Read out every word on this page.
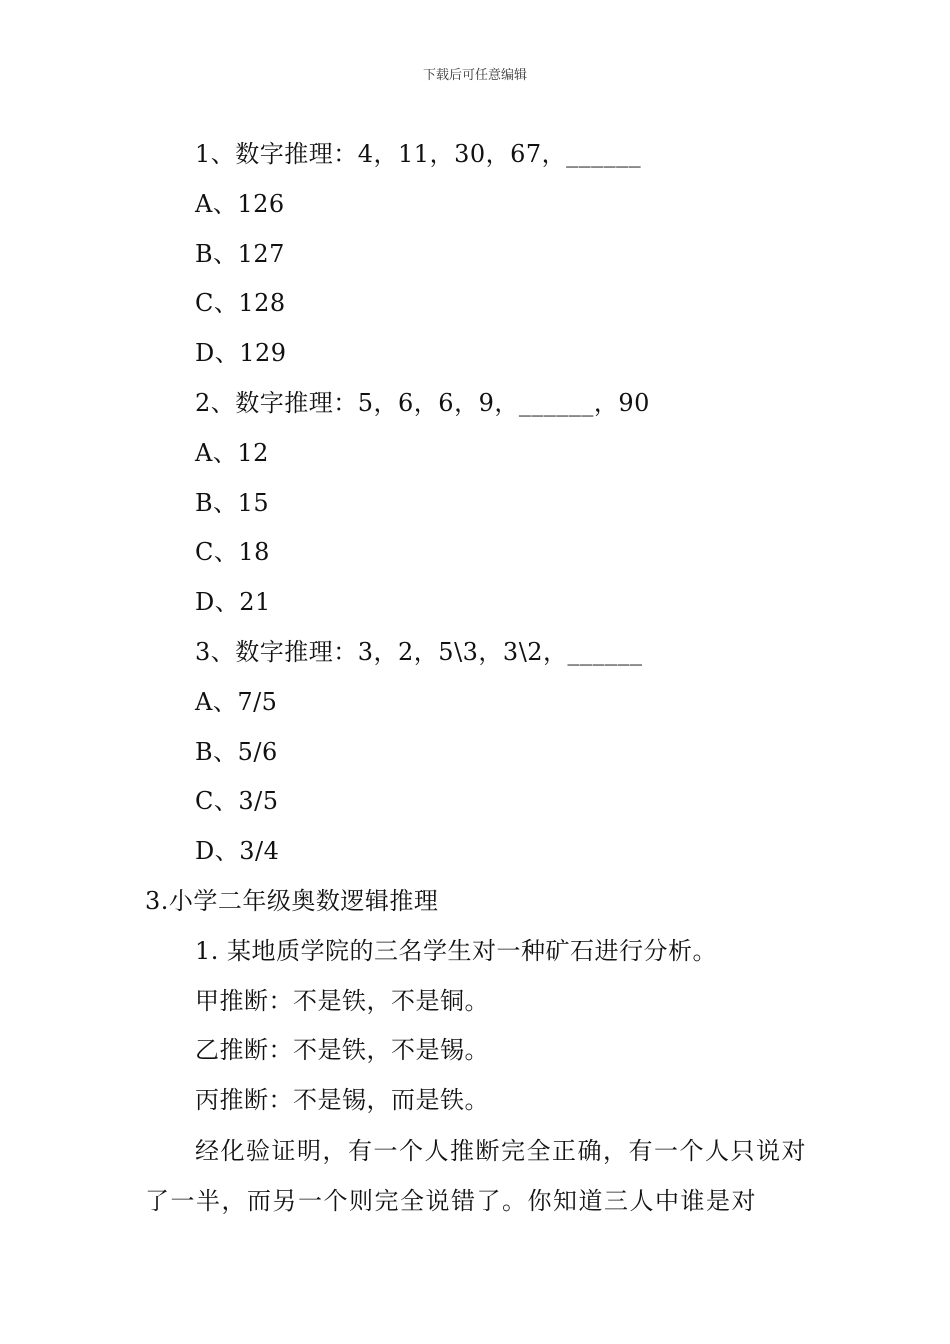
下载后可任意编辑
1、数字推理：4，11，30，67，______
A、126
B、127
C、128
D、129
2、数字推理：5，6，6，9，______，90
A、12
B、15
C、18
D、21
3、数字推理：3，2，5\3，3\2，______
A、7/5
B、5/6
C、3/5
D、3/4
3.小学二年级奥数逻辑推理
1. 某地质学院的三名学生对一种矿石进行分析。
甲推断：不是铁，不是铜。
乙推断：不是铁，不是锡。
丙推断：不是锡，而是铁。
经化验证明，有一个人推断完全正确，有一个人只说对了一半，而另一个则完全说错了。你知道三人中谁是对
